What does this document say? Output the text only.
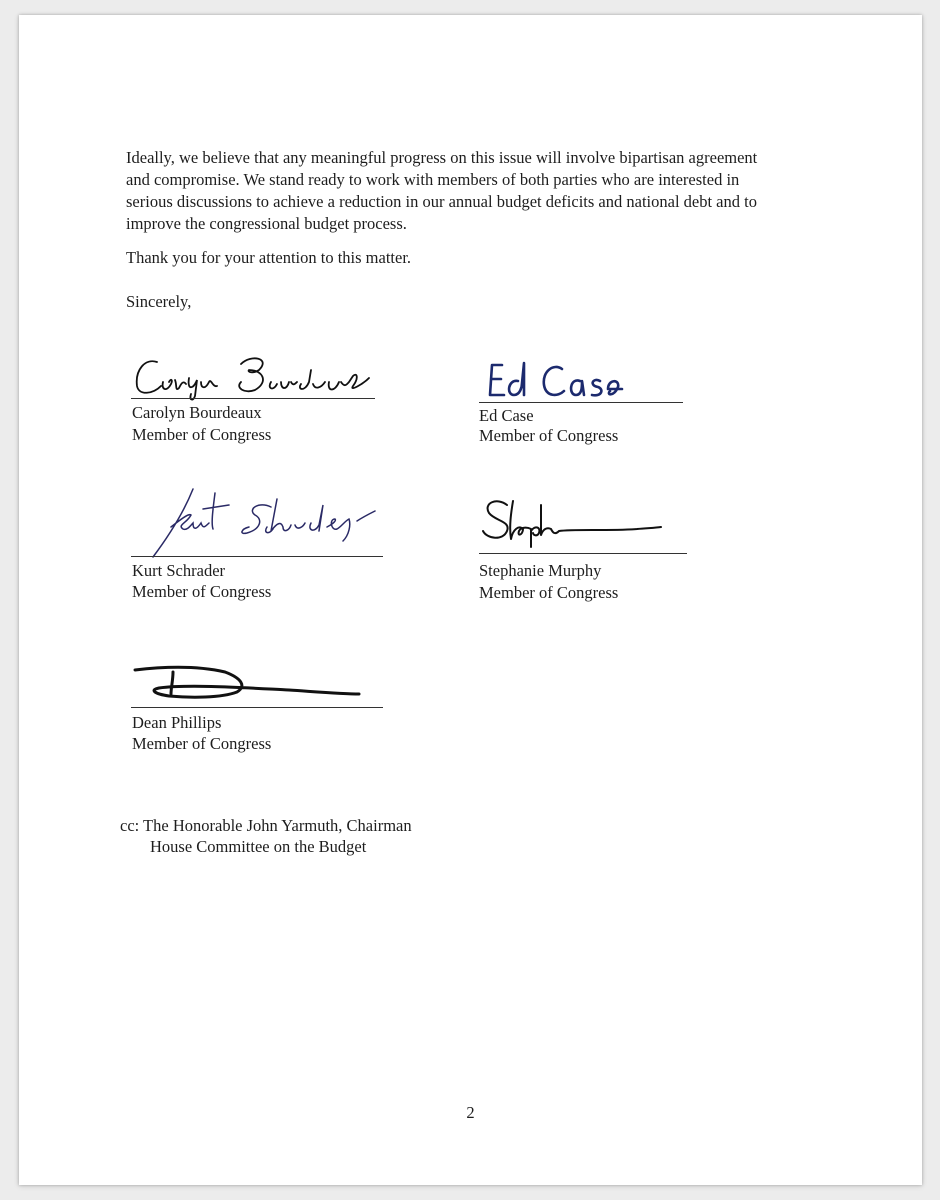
Ideally, we believe that any meaningful progress on this issue will involve bipartisan agreement
and compromise. We stand ready to work with members of both parties who are interested in
serious discussions to achieve a reduction in our annual budget deficits and national debt and to
improve the congressional budget process.
Thank you for your attention to this matter.
Sincerely,
Carolyn Bourdeaux
Member of Congress
Ed Case
Member of Congress
Kurt Schrader
Member of Congress
Stephanie Murphy
Member of Congress
Dean Phillips
Member of Congress
cc: The Honorable John Yarmuth, Chairman
House Committee on the Budget
2
